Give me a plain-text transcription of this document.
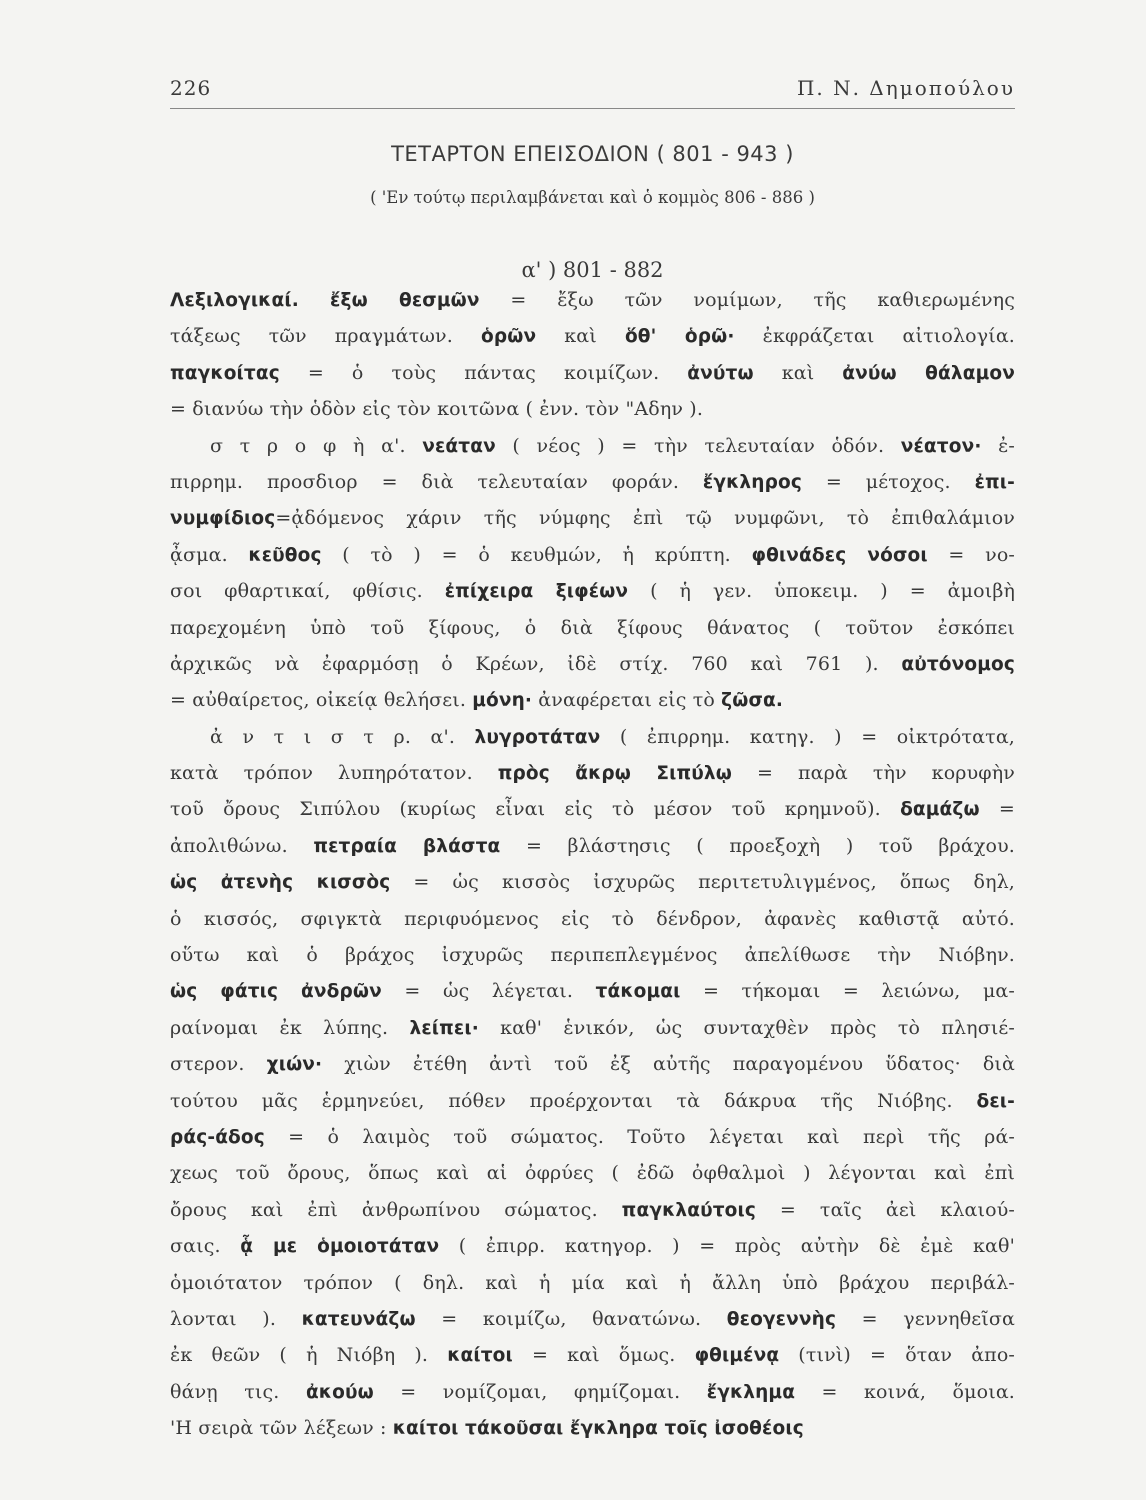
226	Π. Ν. Δημοπούλου
ΤΕΤΑΡΤΟΝ ΕΠΕΙΣΟΔΙΟΝ ( 801 - 943 )
( 'Εν τούτῳ περιλαμβάνεται καὶ ὁ κομμὸς 806 - 886 )
α' ) 801 - 882
Λεξιλογικαί. ἔξω θεσμῶν = ἔξω τῶν νομίμων, τῆς καθιερωμένης
τάξεως τῶν πραγμάτων. ὁρῶν καὶ ὅθ' ὁρῶ· ἐκφράζεται αἰτιολογία.
παγκοίτας = ὁ τοὺς πάντας κοιμίζων. ἀνύτω καὶ ἀνύω θάλαμον
= διανύω τὴν ὁδὸν εἰς τὸν κοιτῶνα ( ἐνν. τὸν "Αδην ).
σ τ ρ ο φ ὴ α'. νεάταν ( νέος ) = τὴν τελευταίαν ὁδόν. νέατον· ἐ-
πιρρημ. προσδιορ = διὰ τελευταίαν φοράν. ἔγκληρος = μέτοχος. ἐπι-
νυμφίδιος=ᾀδόμενος χάριν τῆς νύμφης ἐπὶ τῷ νυμφῶνι, τὸ ἐπιθαλάμιον
ᾆσμα. κεῦθος ( τὸ ) = ὁ κευθμών, ἡ κρύπτη. φθινάδες νόσοι = νο-
σοι φθαρτικαί, φθίσις. ἐπίχειρα ξιφέων ( ἡ γεν. ὑποκειμ. ) = ἀμοιβὴ
παρεχομένη ὑπὸ τοῦ ξίφους, ὁ διὰ ξίφους θάνατος ( τοῦτον ἐσκόπει
ἀρχικῶς νὰ ἐφαρμόσῃ ὁ Κρέων, ἰδὲ στίχ. 760 καὶ 761 ). αὐτόνομος
= αὐθαίρετος, οἰκείᾳ θελήσει. μόνη· ἀναφέρεται εἰς τὸ ζῶσα.
ἀ ν τ ι σ τ ρ. α'. λυγροτάταν ( ἐπιρρημ. κατηγ. ) = οἰκτρότατα,
κατὰ τρόπον λυπηρότατον. πρὸς ἄκρῳ Σιπύλῳ = παρὰ τὴν κορυφὴν
τοῦ ὄρους Σιπύλου (κυρίως εἶναι εἰς τὸ μέσον τοῦ κρημνοῦ). δαμάζω =
ἀπολιθώνω. πετραία βλάστα = βλάστησις ( προεξοχὴ ) τοῦ βράχου.
ὡς ἀτενὴς κισσὸς = ὡς κισσὸς ἰσχυρῶς περιτετυλιγμένος, ὅπως δηλ,
ὁ κισσός, σφιγκτὰ περιφυόμενος εἰς τὸ δένδρον, ἀφανὲς καθιστᾷ αὐτό.
οὕτω καὶ ὁ βράχος ἰσχυρῶς περιπεπλεγμένος ἀπελίθωσε τὴν Νιόβην.
ὡς φάτις ἀνδρῶν = ὡς λέγεται. τάκομαι = τήκομαι = λειώνω, μα-
ραίνομαι ἐκ λύπης. λείπει· καθ' ἑνικόν, ὡς συνταχθὲν πρὸς τὸ πλησιέ-
στερον. χιών· χιὼν ἐτέθη ἀντὶ τοῦ ἐξ αὐτῆς παραγομένου ὕδατος· διὰ
τούτου μᾶς ἑρμηνεύει, πόθεν προέρχονται τὰ δάκρυα τῆς Νιόβης. δει-
ράς-άδος = ὁ λαιμὸς τοῦ σώματος. Τοῦτο λέγεται καὶ περὶ τῆς ρά-
χεως τοῦ ὄρους, ὅπως καὶ αἱ ὀφρύες ( ἐδῶ ὀφθαλμοὶ ) λέγονται καὶ ἐπὶ
ὄρους καὶ ἐπὶ ἀνθρωπίνου σώματος. παγκλαύτοις = ταῖς ἀεὶ κλαιού-
σαις. ᾇ με ὁμοιοτάταν ( ἐπιρρ. κατηγορ. ) = πρὸς αὐτὴν δὲ ἐμὲ καθ'
ὁμοιότατον τρόπον ( δηλ. καὶ ἡ μία καὶ ἡ ἄλλη ὑπὸ βράχου περιβάλ-
λονται ). κατευνάζω = κοιμίζω, θανατώνω. θεογεννὴς = γεννηθεῖσα
ἐκ θεῶν ( ἡ Νιόβη ). καίτοι = καὶ ὅμως. φθιμένᾳ (τινὶ) = ὅταν ἀπο-
θάνῃ τις. ἀκούω = νομίζομαι, φημίζομαι. ἔγκλημα = κοινά, ὅμοια.
'Η σειρὰ τῶν λέξεων : καίτοι τάκοῦσαι ἔγκληρα τοῖς ἰσοθέοις
